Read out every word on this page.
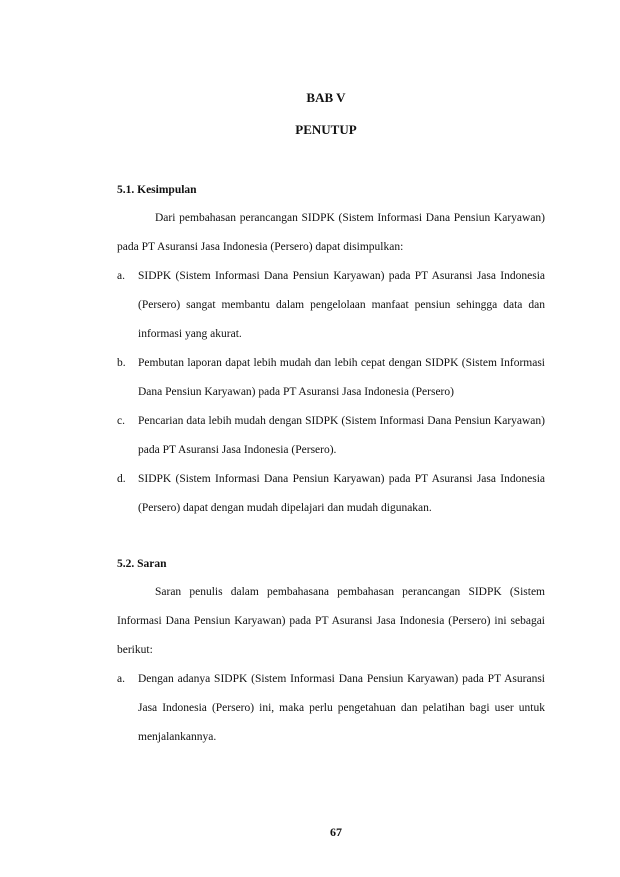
BAB V
PENUTUP
5.1. Kesimpulan

Dari pembahasan perancangan SIDPK (Sistem Informasi Dana Pensiun Karyawan) pada PT Asuransi Jasa Indonesia (Persero) dapat disimpulkan:

a.	SIDPK (Sistem Informasi Dana Pensiun Karyawan) pada PT Asuransi Jasa Indonesia (Persero) sangat membantu dalam pengelolaan manfaat pensiun sehingga data dan informasi yang akurat.
b.	Pembutan laporan dapat lebih mudah dan lebih cepat dengan SIDPK (Sistem Informasi Dana Pensiun Karyawan) pada PT Asuransi Jasa Indonesia (Persero)
c.	Pencarian data lebih mudah dengan SIDPK (Sistem Informasi Dana Pensiun Karyawan) pada PT Asuransi Jasa Indonesia (Persero).
d.	SIDPK (Sistem Informasi Dana Pensiun Karyawan) pada PT Asuransi Jasa Indonesia (Persero) dapat dengan mudah dipelajari dan mudah digunakan.
5.2. Saran

Saran penulis dalam pembahasana pembahasan perancangan SIDPK (Sistem Informasi Dana Pensiun Karyawan) pada PT Asuransi Jasa Indonesia (Persero) ini sebagai berikut:

a.	Dengan adanya SIDPK (Sistem Informasi Dana Pensiun Karyawan) pada PT Asuransi Jasa Indonesia (Persero) ini, maka perlu pengetahuan dan pelatihan bagi user untuk menjalankannya.
67
